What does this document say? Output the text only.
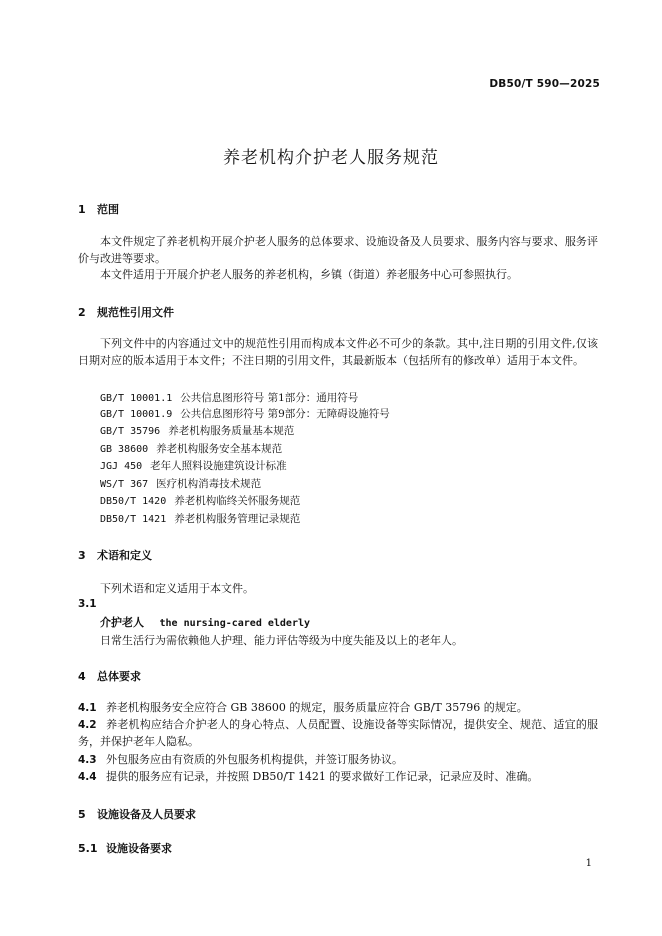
DB50/T 590—2025
养老机构介护老人服务规范
1 范围
本文件规定了养老机构开展介护老人服务的总体要求、设施设备及人员要求、服务内容与要求、服务评价与改进等要求。
本文件适用于开展介护老人服务的养老机构，乡镇（街道）养老服务中心可参照执行。
2 规范性引用文件
下列文件中的内容通过文中的规范性引用而构成本文件必不可少的条款。其中,注日期的引用文件,仅该日期对应的版本适用于本文件；不注日期的引用文件，其最新版本（包括所有的修改单）适用于本文件。
GB/T 10001.1 公共信息图形符号 第1部分：通用符号
GB/T 10001.9 公共信息图形符号 第9部分：无障碍设施符号
GB/T 35796 养老机构服务质量基本规范
GB 38600 养老机构服务安全基本规范
JGJ 450 老年人照料设施建筑设计标准
WS/T 367 医疗机构消毒技术规范
DB50/T 1420 养老机构临终关怀服务规范
DB50/T 1421 养老机构服务管理记录规范
3 术语和定义
下列术语和定义适用于本文件。
3.1
介护老人 the nursing-cared elderly
日常生活行为需依赖他人护理、能力评估等级为中度失能及以上的老年人。
4 总体要求
4.1 养老机构服务安全应符合 GB 38600 的规定，服务质量应符合 GB/T 35796 的规定。
4.2 养老机构应结合介护老人的身心特点、人员配置、设施设备等实际情况，提供安全、规范、适宜的服务，并保护老年人隐私。
4.3 外包服务应由有资质的外包服务机构提供，并签订服务协议。
4.4 提供的服务应有记录，并按照 DB50/T 1421 的要求做好工作记录，记录应及时、准确。
5 设施设备及人员要求
5.1 设施设备要求
1
